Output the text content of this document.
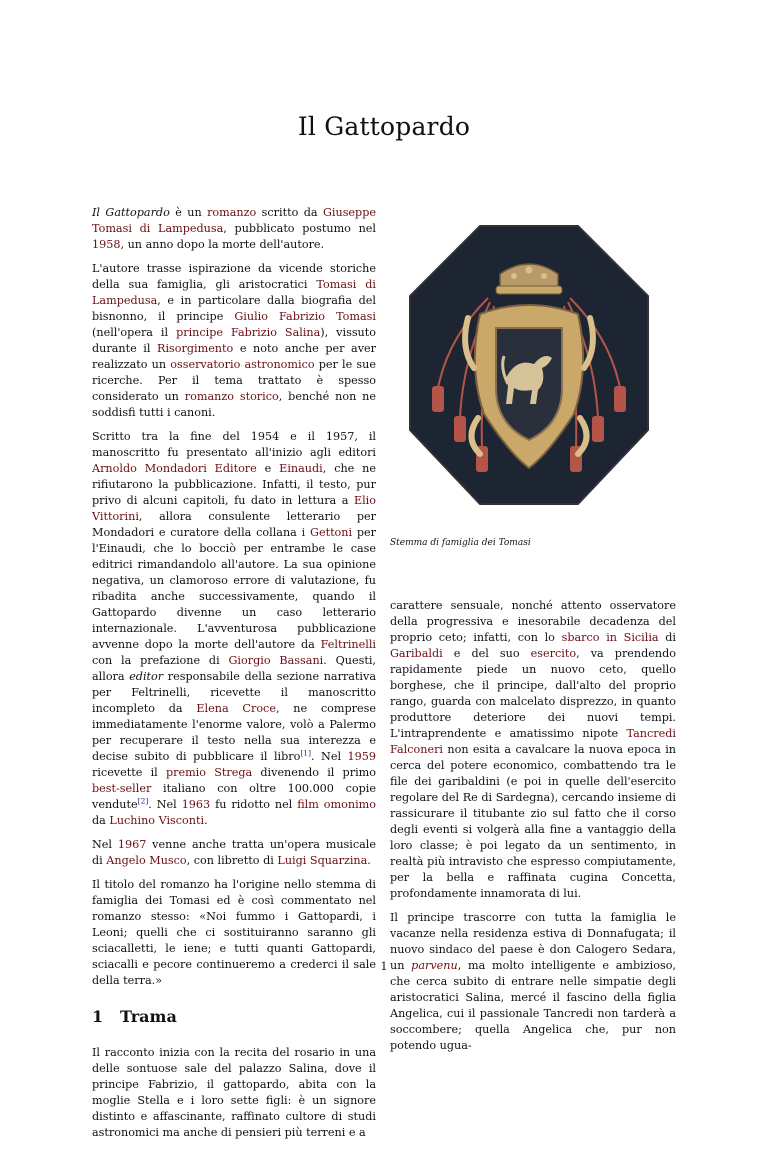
Il Gattopardo

Il Gattopardo è un romanzo scritto da Giuseppe Tomasi di Lampedusa, pubblicato postumo nel 1958, un anno dopo la morte dell'autore.

L'autore trasse ispirazione da vicende storiche della sua famiglia, gli aristocratici Tomasi di Lampedusa, e in particolare dalla biografia del bisnonno, il principe Giulio Fabrizio Tomasi (nell'opera il principe Fabrizio Salina), vissuto durante il Risorgimento e noto anche per aver realizzato un osservatorio astronomico per le sue ricerche. Per il tema trattato è spesso considerato un romanzo storico, benché non ne soddisfi tutti i canoni.

Scritto tra la fine del 1954 e il 1957, il manoscritto fu presentato all'inizio agli editori Arnoldo Mondadori Editore e Einaudi, che ne rifiutarono la pubblicazione. Infatti, il testo, pur privo di alcuni capitoli, fu dato in lettura a Elio Vittorini, allora consulente letterario per Mondadori e curatore della collana i Gettoni per l'Einaudi, che lo bocciò per entrambe le case editrici rimandandolo all'autore. La sua opinione negativa, un clamoroso errore di valutazione, fu ribadita anche successivamente, quando il Gattopardo divenne un caso letterario internazionale. L'avventurosa pubblicazione avvenne dopo la morte dell'autore da Feltrinelli con la prefazione di Giorgio Bassani. Questi, allora editor responsabile della sezione narrativa per Feltrinelli, ricevette il manoscritto incompleto da Elena Croce, ne comprese immediatamente l'enorme valore, volò a Palermo per recuperare il testo nella sua interezza e decise subito di pubblicare il libro[1]. Nel 1959 ricevette il premio Strega divenendo il primo best-seller italiano con oltre 100.000 copie vendute[2]. Nel 1963 fu ridotto nel film omonimo da Luchino Visconti.

Nel 1967 venne anche tratta un'opera musicale di Angelo Musco, con libretto di Luigi Squarzina.

Il titolo del romanzo ha l'origine nello stemma di famiglia dei Tomasi ed è così commentato nel romanzo stesso: «Noi fummo i Gattopardi, i Leoni; quelli che ci sostituiranno saranno gli sciacalletti, le iene; e tutti quanti Gattopardi, sciacalli e pecore continueremo a crederci il sale della terra.»

1 Trama

Il racconto inizia con la recita del rosario in una delle sontuose sale del palazzo Salina, dove il principe Fabrizio, il gattopardo, abita con la moglie Stella e i loro sette figli: è un signore distinto e affascinante, raffinato cultore di studi astronomici ma anche di pensieri più terreni e a

Stemma di famiglia dei Tomasi

carattere sensuale, nonché attento osservatore della progressiva e inesorabile decadenza del proprio ceto; infatti, con lo sbarco in Sicilia di Garibaldi e del suo esercito, va prendendo rapidamente piede un nuovo ceto, quello borghese, che il principe, dall'alto del proprio rango, guarda con malcelato disprezzo, in quanto produttore deteriore dei nuovi tempi. L'intraprendente e amatissimo nipote Tancredi Falconeri non esita a cavalcare la nuova epoca in cerca del potere economico, combattendo tra le file dei garibaldini (e poi in quelle dell'esercito regolare del Re di Sardegna), cercando insieme di rassicurare il titubante zio sul fatto che il corso degli eventi si volgerà alla fine a vantaggio della loro classe; è poi legato da un sentimento, in realtà più intravisto che espresso compiutamente, per la bella e raffinata cugina Concetta, profondamente innamorata di lui.

Il principe trascorre con tutta la famiglia le vacanze nella residenza estiva di Donnafugata; il nuovo sindaco del paese è don Calogero Sedara, un parvenu, ma molto intelligente e ambizioso, che cerca subito di entrare nelle simpatie degli aristocratici Salina, mercé il fascino della figlia Angelica, cui il passionale Tancredi non tarderà a soccombere; quella Angelica che, pur non potendo ugua-

1
